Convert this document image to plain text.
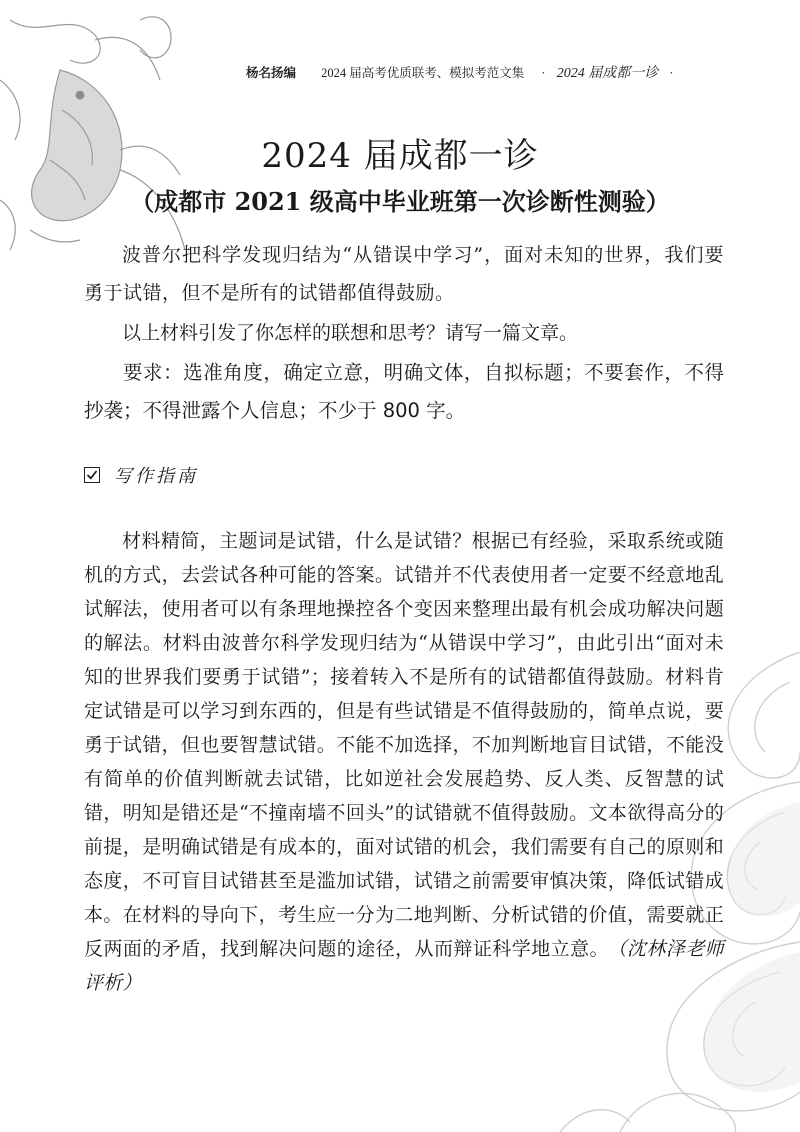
杨名扬编 2024 届高考优质联考、模拟考范文集 · 2024 届成都一诊 ·
2024 届成都一诊
（成都市 2021 级高中毕业班第一次诊断性测验）

波普尔把科学发现归结为“从错误中学习”，面对未知的世界，我们要勇于试错，但不是所有的试错都值得鼓励。

以上材料引发了你怎样的联想和思考？请写一篇文章。

要求：选准角度，确定立意，明确文体，自拟标题；不要套作，不得抄袭；不得泄露个人信息；不少于 800 字。

写作指南

材料精简，主题词是试错，什么是试错？根据已有经验，采取系统或随机的方式，去尝试各种可能的答案。试错并不代表使用者一定要不经意地乱试解法，使用者可以有条理地操控各个变因来整理出最有机会成功解决问题的解法。材料由波普尔科学发现归结为“从错误中学习”，由此引出“面对未知的世界我们要勇于试错”；接着转入不是所有的试错都值得鼓励。材料肯定试错是可以学习到东西的，但是有些试错是不值得鼓励的，简单点说，要勇于试错，但也要智慧试错。不能不加选择，不加判断地盲目试错，不能没有简单的价值判断就去试错，比如逆社会发展趋势、反人类、反智慧的试错，明知是错还是“不撞南墙不回头”的试错就不值得鼓励。文本欲得高分的前提，是明确试错是有成本的，面对试错的机会，我们需要有自己的原则和态度，不可盲目试错甚至是滥加试错，试错之前需要审慎决策，降低试错成本。在材料的导向下，考生应一分为二地判断、分析试错的价值，需要就正反两面的矛盾，找到解决问题的途径，从而辩证科学地立意。 （沈林泽老师评析）
